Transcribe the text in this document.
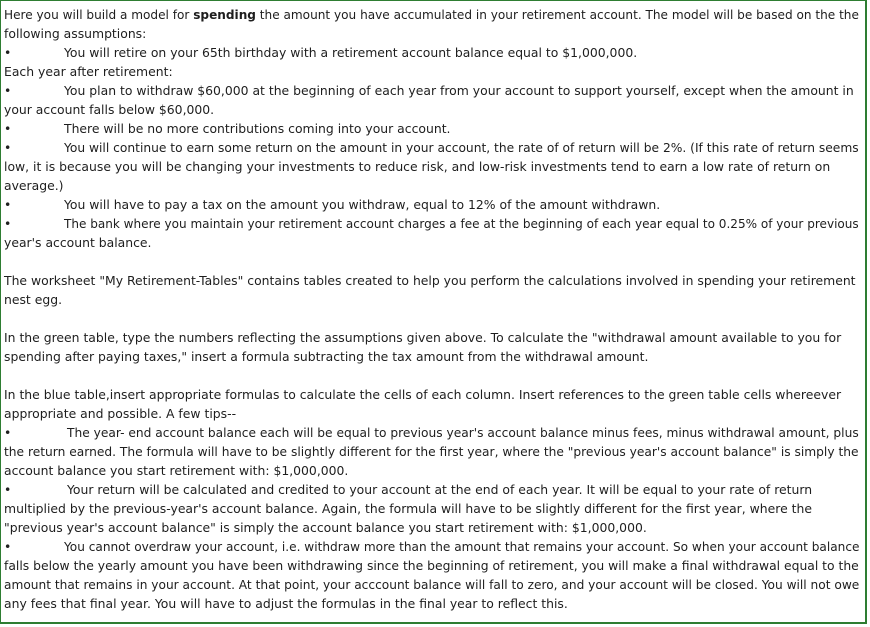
Here you will build a model for spending the amount you have accumulated in your retirement account. The model will be based on the the
following assumptions:
•	You will retire on your 65th birthday with a retirement account balance equal to $1,000,000.
Each year after retirement:
•	You plan to withdraw $60,000 at the beginning of each year from your account to support yourself, except when the amount in
your account falls below $60,000.
•	There will be no more contributions coming into your account.
•	You will continue to earn some return on the amount in your account, the rate of of return will be 2%. (If this rate of return seems
low, it is because you will be changing your investments to reduce risk, and low-risk investments tend to earn a low rate of return on
average.)
•	You will have to pay a tax on the amount you withdraw, equal to 12% of the amount withdrawn.
•	The bank where you maintain your retirement account charges a fee at the beginning of each year equal to 0.25% of your previous
year's account balance.
The worksheet "My Retirement-Tables" contains tables created to help you perform the calculations involved in spending your retirement
nest egg.
In the green table, type the numbers reflecting the assumptions given above. To calculate the "withdrawal amount available to you for
spending after paying taxes," insert a formula subtracting the tax amount from the withdrawal amount.
In the blue table,insert appropriate formulas to calculate the cells of each column. Insert references to the green table cells whereever
appropriate and possible. A few tips--
•	The year- end account balance each will be equal to previous year's account balance minus fees, minus withdrawal amount, plus
the return earned. The formula will have to be slightly different for the first year, where the "previous year's account balance" is simply the
account balance you start retirement with: $1,000,000.
•	Your return will be calculated and credited to your account at the end of each year. It will be equal to your rate of return
multiplied by the previous-year's account balance. Again, the formula will have to be slightly different for the first year, where the
"previous year's account balance" is simply the account balance you start retirement with: $1,000,000.
•	You cannot overdraw your account, i.e. withdraw more than the amount that remains your account. So when your account balance
falls below the yearly amount you have been withdrawing since the beginning of retirement, you will make a final withdrawal equal to the
amount that remains in your account. At that point, your acccount balance will fall to zero, and your account will be closed. You will not owe
any fees that final year. You will have to adjust the formulas in the final year to reflect this.
